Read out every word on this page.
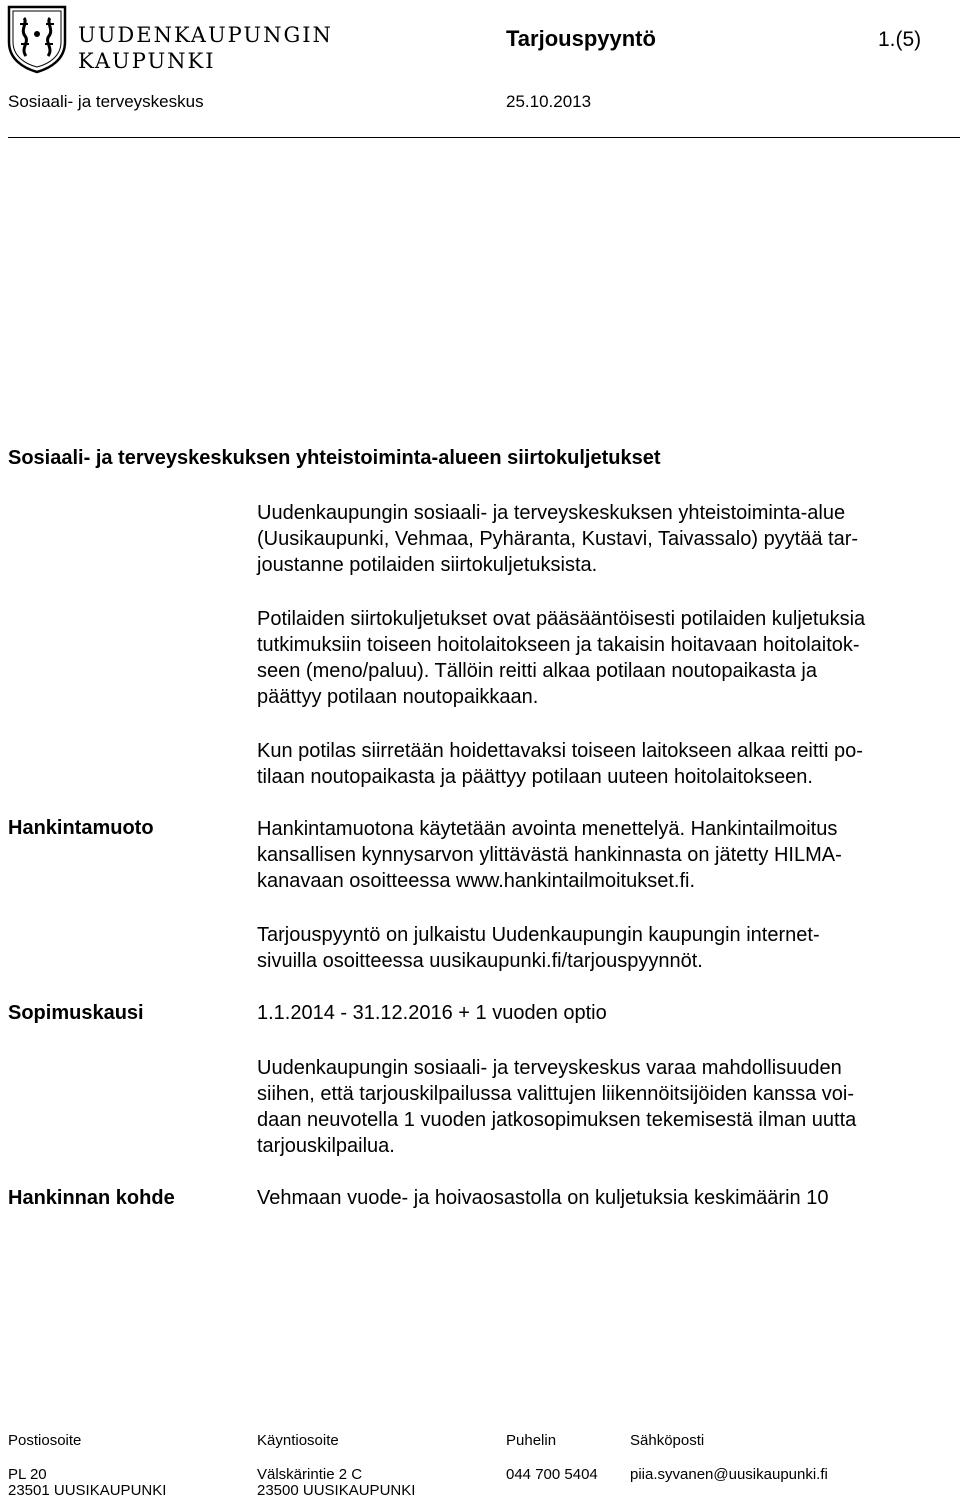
UUDENKAUPUNGIN
KAUPUNKI
Tarjouspyyntö	1.(5)
Sosiaali- ja terveyskeskus	25.10.2013
Sosiaali- ja terveyskeskuksen yhteistoiminta-alueen siirtokuljetukset
Uudenkaupungin sosiaali- ja terveyskeskuksen yhteistoiminta-alue
(Uusikaupunki, Vehmaa, Pyhäranta, Kustavi, Taivassalo) pyytää tar-
joustanne potilaiden siirtokuljetuksista.
Potilaiden siirtokuljetukset ovat pääsääntöisesti potilaiden kuljetuksia
tutkimuksiin toiseen hoitolaitokseen ja takaisin hoitavaan hoitolaitok-
seen (meno/paluu). Tällöin reitti alkaa potilaan noutopaikasta ja
päättyy potilaan noutopaikkaan.
Kun potilas siirretään hoidettavaksi toiseen laitokseen alkaa reitti po-
tilaan noutopaikasta ja päättyy potilaan uuteen hoitolaitokseen.
Hankintamuoto	Hankintamuotona käytetään avointa menettelyä. Hankintailmoitus
kansallisen kynnysarvon ylittävästä hankinnasta on jätetty HILMA-
kanavaan osoitteessa www.hankintailmoitukset.fi.
Tarjouspyyntö on julkaistu Uudenkaupungin kaupungin internet-
sivuilla osoitteessa uusikaupunki.fi/tarjouspyynnöt.
Sopimuskausi	1.1.2014 - 31.12.2016 + 1 vuoden optio
Uudenkaupungin sosiaali- ja terveyskeskus varaa mahdollisuuden
siihen, että tarjouskilpailussa valittujen liikennöitsijöiden kanssa voi-
daan neuvotella 1 vuoden jatkosopimuksen tekemisestä ilman uutta
tarjouskilpailua.
Hankinnan kohde	Vehmaan vuode- ja hoivaosastolla on kuljetuksia keskimäärin 10
Postiosoite	Käyntiosoite	Puhelin	Sähköposti
PL 20	Välskärintie 2 C	044 700 5404 piia.syvanen@uusikaupunki.fi
23501 UUSIKAUPUNKI	23500 UUSIKAUPUNKI
